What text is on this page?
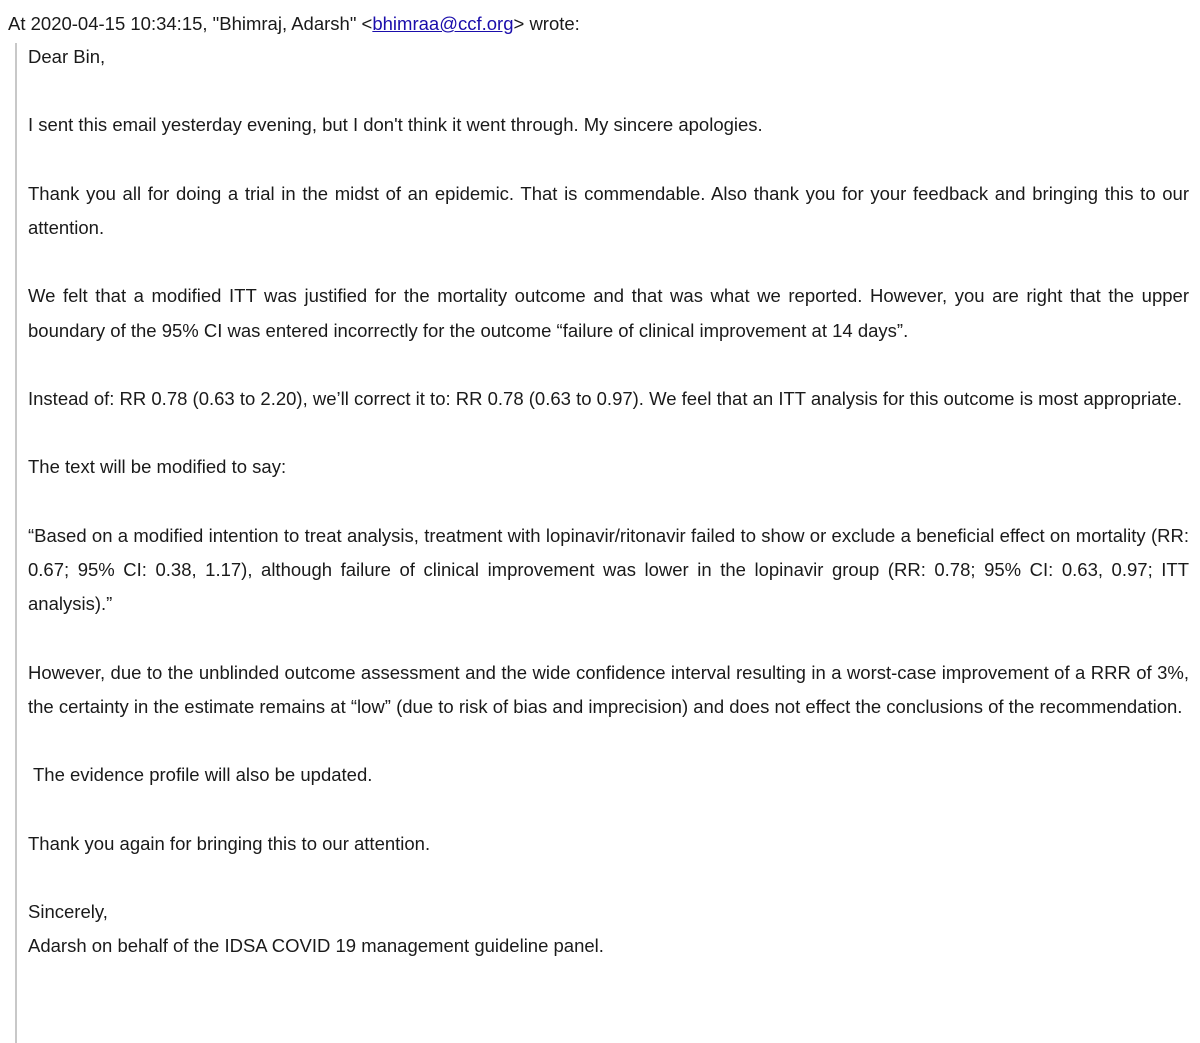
At 2020-04-15 10:34:15, "Bhimraj, Adarsh" <bhimraa@ccf.org> wrote:

Dear Bin,

I sent this email yesterday evening, but I don't think it went through. My sincere apologies.

Thank you all for doing a trial in the midst of an epidemic. That is commendable. Also thank you for your feedback and bringing this to our attention.

We felt that a modified ITT was justified for the mortality outcome and that was what we reported. However, you are right that the upper boundary of the 95% CI was entered incorrectly for the outcome “failure of clinical improvement at 14 days”.

Instead of: RR 0.78 (0.63 to 2.20), we’ll correct it to: RR 0.78 (0.63 to 0.97). We feel that an ITT analysis for this outcome is most appropriate.

The text will be modified to say:

“Based on a modified intention to treat analysis, treatment with lopinavir/ritonavir failed to show or exclude a beneficial effect on mortality (RR: 0.67; 95% CI: 0.38, 1.17), although failure of clinical improvement was lower in the lopinavir group (RR: 0.78; 95% CI: 0.63, 0.97; ITT analysis).”

However, due to the unblinded outcome assessment and the wide confidence interval resulting in a worst-case improvement of a RRR of 3%, the certainty in the estimate remains at “low” (due to risk of bias and imprecision) and does not effect the conclusions of the recommendation.

The evidence profile will also be updated.

Thank you again for bringing this to our attention.

Sincerely,

Adarsh on behalf of the IDSA COVID 19 management guideline panel.
